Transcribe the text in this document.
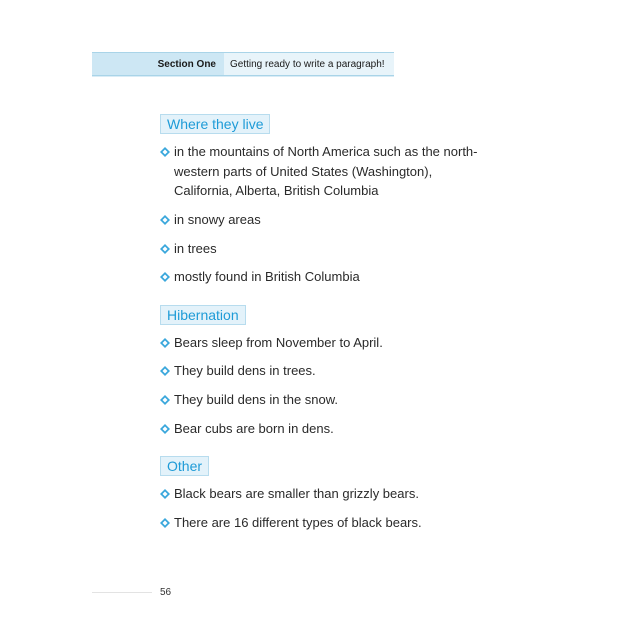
Section One	Getting ready to write a paragraph!
Where they live
in the mountains of North America such as the north-western parts of United States (Washington), California, Alberta, British Columbia
in snowy areas
in trees
mostly found in British Columbia
Hibernation
Bears sleep from November to April.
They build dens in trees.
They build dens in the snow.
Bear cubs are born in dens.
Other
Black bears are smaller than grizzly bears.
There are 16 different types of black bears.
56
